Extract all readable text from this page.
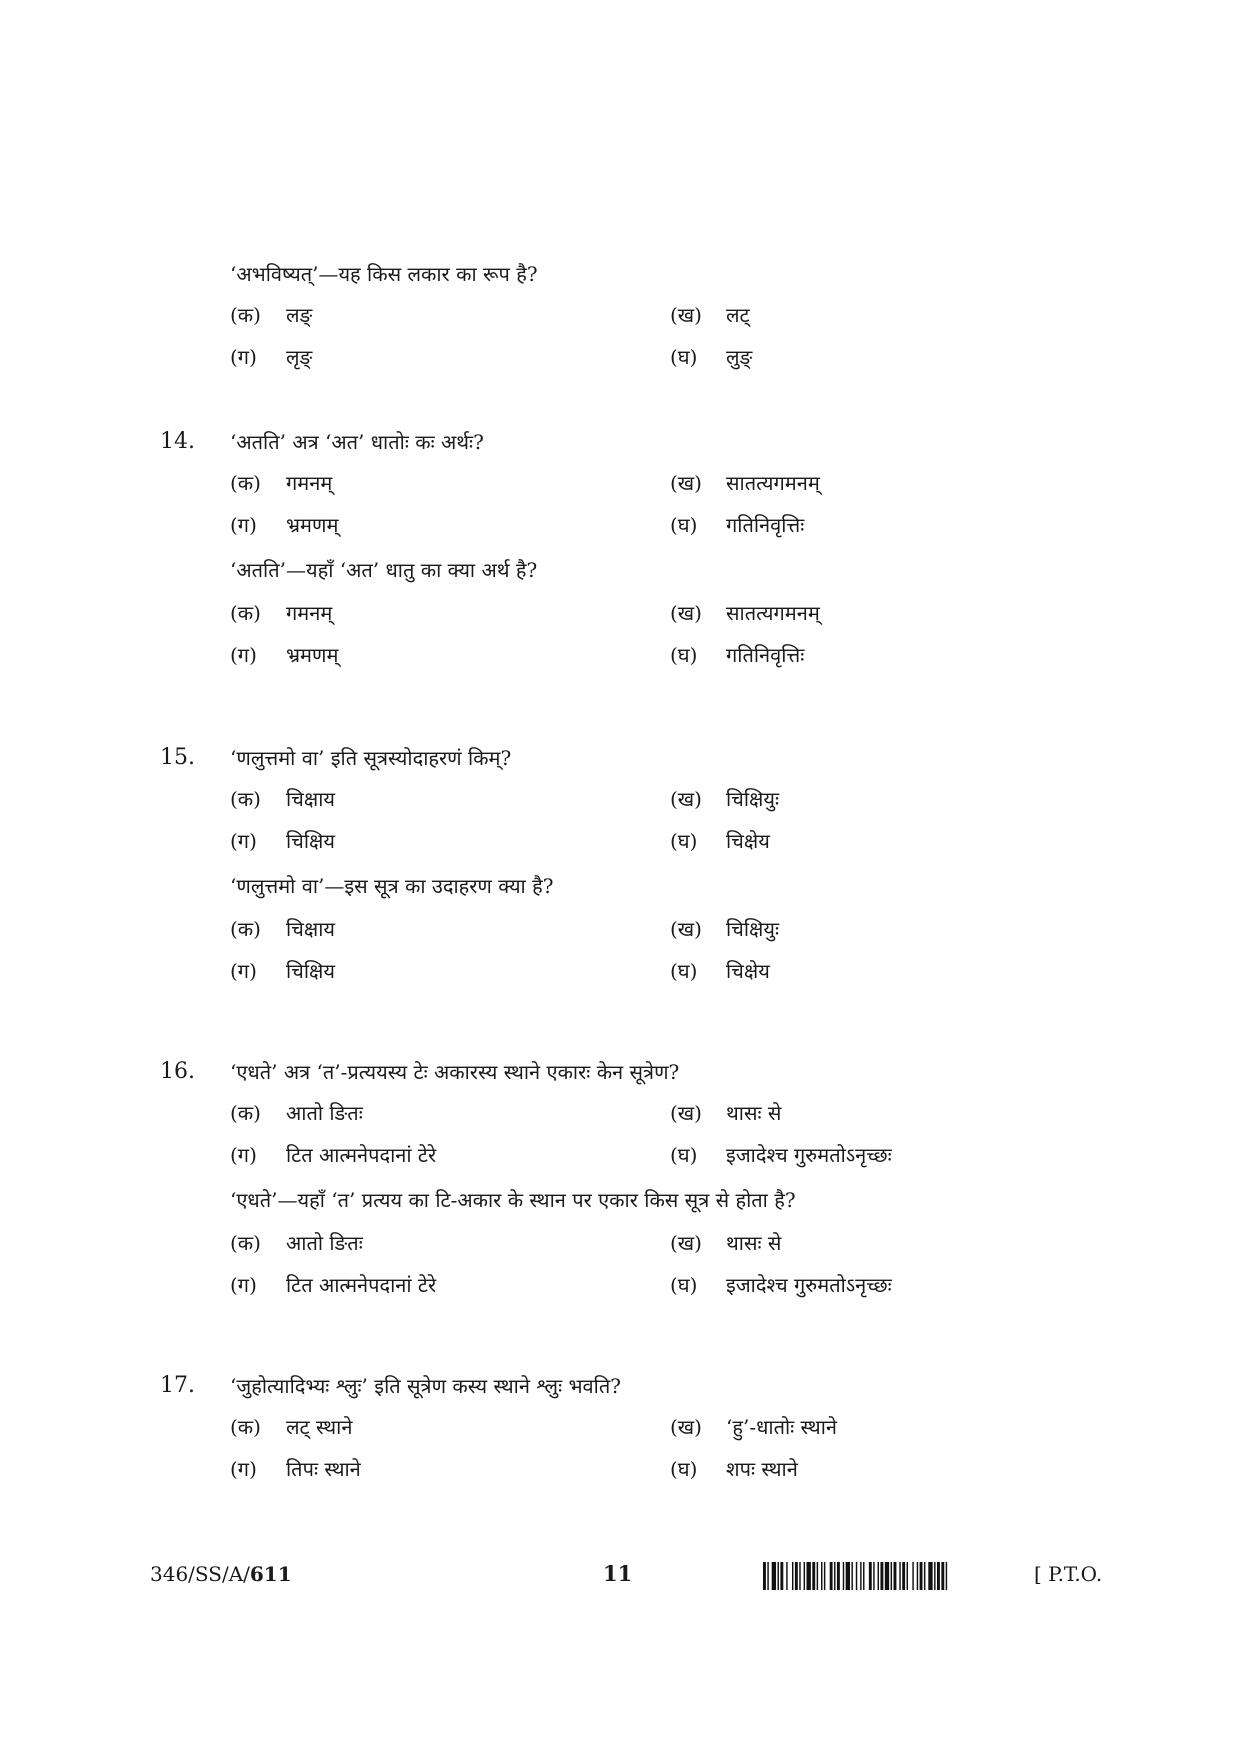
‘अभविष्यत्’—यह किस लकार का रूप है?
(क) लङ्	(ख) लट्
(ग) लृङ्	(घ) लुङ्
14.	‘अतति’ अत्र ‘अत’ धातोः कः अर्थः?
(क) गमनम्	(ख) सातत्यगमनम्
(ग) भ्रमणम्	(घ) गतिनिवृत्तिः
‘अतति’—यहाँ ‘अत’ धातु का क्या अर्थ है?
(क) गमनम्	(ख) सातत्यगमनम्
(ग) भ्रमणम्	(घ) गतिनिवृत्तिः
15.	‘णलुत्तमो वा’ इति सूत्रस्योदाहरणं किम्?
(क) चिक्षाय	(ख) चिक्षियुः
(ग) चिक्षिय	(घ) चिक्षेय
‘णलुत्तमो वा’—इस सूत्र का उदाहरण क्या है?
(क) चिक्षाय	(ख) चिक्षियुः
(ग) चिक्षिय	(घ) चिक्षेय
16.	‘एधते’ अत्र ‘त’-प्रत्ययस्य टेः अकारस्य स्थाने एकारः केन सूत्रेण?
(क) आतो ङितः	(ख) थासः से
(ग) टित आत्मनेपदानां टेरे	(घ) इजादेश्च गुरुमतोऽनृच्छः
‘एधते’—यहाँ ‘त’ प्रत्यय का टि-अकार के स्थान पर एकार किस सूत्र से होता है?
(क) आतो ङितः	(ख) थासः से
(ग) टित आत्मनेपदानां टेरे	(घ) इजादेश्च गुरुमतोऽनृच्छः
17.	‘जुहोत्यादिभ्यः श्लुः’ इति सूत्रेण कस्य स्थाने श्लुः भवति?
(क) लट् स्थाने	(ख) ‘हु’-धातोः स्थाने
(ग) तिपः स्थाने	(घ) शपः स्थाने
346/SS/A/611	11	[ P.T.O.
